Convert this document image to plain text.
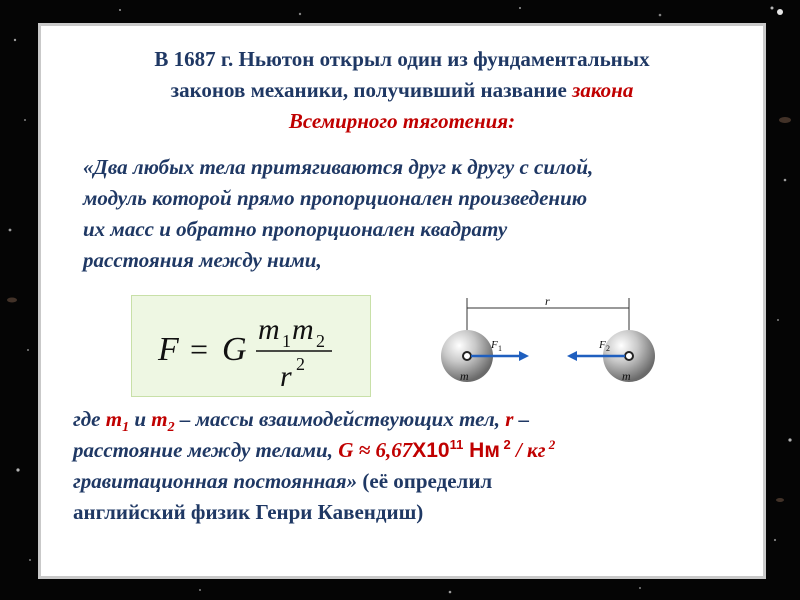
В 1687 г. Ньютон открыл один из фундаментальных
законов механики, получивший название закона
Всемирного тяготения:
«Два любых тела притягиваются друг к другу с силой,
модуль которой прямо пропорционален произведению
их масс и обратно пропорционален квадрату
расстояния между ними,
F = G
m 1 m 2
r 2
r
m	m
F 1	F 2
где $m_1$ и $m_2$ – массы взаимодействующих тел, r –
расстояние между телами, $G \approx 6,67Х10^{11}$ Нм $^2$ / кг $^2$
гравитационная постоянная» (её определил
английский физик Генри Кавендиш)
